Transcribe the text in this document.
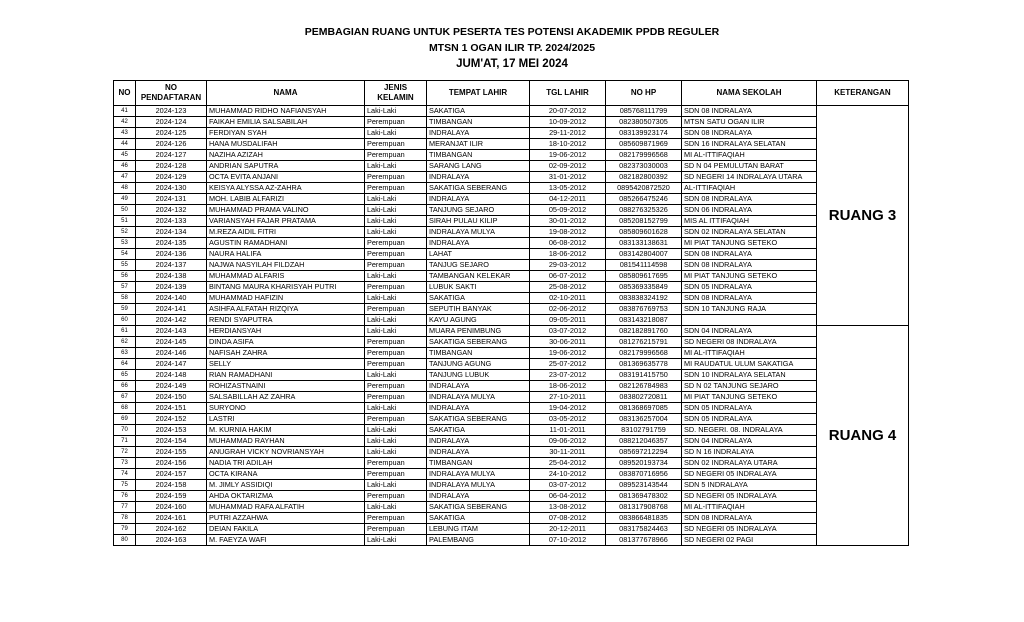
PEMBAGIAN RUANG UNTUK PESERTA TES POTENSI AKADEMIK PPDB REGULER
MTSN 1 OGAN ILIR TP. 2024/2025
JUM'AT, 17 MEI 2024
NO	NO PENDAFTARAN	NAMA	JENIS KELAMIN	TEMPAT LAHIR	TGL LAHIR	NO HP	NAMA SEKOLAH	KETERANGAN
41	2024-123	MUHAMMAD RIDHO NAFIANSYAH	Laki-Laki	SAKATIGA	20-07-2012	085768111799	SDN 08 INDRALAYA	RUANG 3
42	2024-124	FAIKAH EMILIA SALSABILAH	Perempuan	TIMBANGAN	10-09-2012	082380507305	MTSN SATU OGAN ILIR	
43	2024-125	FERDIYAN SYAH	Laki-Laki	INDRALAYA	29-11-2012	083139923174	SDN 08 INDRALAYA	
44	2024-126	HANA MUSDALIFAH	Perempuan	MERANJAT ILIR	18-10-2012	085609871969	SDN 16 INDRALAYA SELATAN	
45	2024-127	NAZIHA AZIZAH	Perempuan	TIMBANGAN	19-06-2012	082179996568	MI AL-ITTIFAQIAH	
46	2024-128	ANDRIAN SAPUTRA	Laki-Laki	SARANG LANG	02-09-2012	082373030003	SD N 04 PEMULUTAN BARAT	
47	2024-129	OCTA EVITA ANJANI	Perempuan	INDRALAYA	31-01-2012	082182800392	SD NEGERI 14 INDRALAYA UTARA	
48	2024-130	KEISYA ALYSSA AZ-ZAHRA	Perempuan	SAKATIGA SEBERANG	13-05-2012	0895420872520	AL-ITTIFAQIAH	
49	2024-131	MOH. LABIB ALFARIZI	Laki-Laki	INDRALAYA	04-12-2011	085266475246	SDN 08 INDRALAYA	
50	2024-132	MUHAMMAD PRAMA VALINO	Laki-Laki	TANJUNG SEJARO	05-09-2012	088276325326	SDN 06 INDRALAYA	
51	2024-133	VARIANSYAH FAJAR PRATAMA	Laki-Laki	SIRAH PULAU KILIP	30-01-2012	085208152799	MIS AL ITTIFAQIAH	
52	2024-134	M.REZA AIDIL FITRI	Laki-Laki	INDRALAYA MULYA	19-08-2012	085809601628	SDN 02 INDRALAYA SELATAN	
53	2024-135	AGUSTIN RAMADHANI	Perempuan	INDRALAYA	06-08-2012	083133138631	MI PIAT TANJUNG SETEKO	
54	2024-136	NAURA HALIFA	Perempuan	LAHAT	18-06-2012	083142804007	SDN 08 INDRALAYA	
55	2024-137	NAJWA NASYILAH FILDZAH	Perempuan	TANJUG SEJARO	29-03-2012	081541114598	SDN 08 INDRALAYA	
56	2024-138	MUHAMMAD ALFARIS	Laki-Laki	TAMBANGAN KELEKAR	06-07-2012	085809617695	MI PIAT TANJUNG SETEKO	
57	2024-139	BINTANG MAURA KHARISYAH PUTRI	Perempuan	LUBUK SAKTI	25-08-2012	085369335849	SDN 05 INDRALAYA	
58	2024-140	MUHAMMAD HAFIZIN	Laki-Laki	SAKATIGA	02-10-2011	083838324192	SDN 08 INDRALAYA	
59	2024-141	ASIHFA ALFATAH RIZQIYA	Perempuan	SEPUTIH BANYAK	02-06-2012	083876769753	SDN 10 TANJUNG RAJA	
60	2024-142	RENDI SYAPUTRA	Laki-Laki	KAYU AGUNG	09-05-2011	083143218087		
61	2024-143	HERDIANSYAH	Laki-Laki	MUARA PENIMBUNG	03-07-2012	082182891760	SDN 04 INDRALAYA	RUANG 4
62	2024-145	DINDA ASIFA	Perempuan	SAKATIGA SEBERANG	30-06-2011	081276215791	SD NEGERI 08 INDRALAYA	
63	2024-146	NAFISAH ZAHRA	Perempuan	TIMBANGAN	19-06-2012	082179996568	MI AL-ITTIFAQIAH	
64	2024-147	SELLY	Perempuan	TANJUNG AGUNG	25-07-2012	081369635778	MI RAUDATUL ULUM SAKATIGA	
65	2024-148	RIAN RAMADHANI	Laki-Laki	TANJUNG LUBUK	23-07-2012	083191415750	SDN 10 INDRALAYA SELATAN	
66	2024-149	ROHIZASTNAINI	Perempuan	INDRALAYA	18-06-2012	082126784983	SD N 02 TANJUNG SEJARO	
67	2024-150	SALSABILLAH AZ ZAHRA	Perempuan	INDRALAYA MULYA	27-10-2011	083802720811	MI PIAT TANJUNG SETEKO	
68	2024-151	SURYONO	Laki-Laki	INDRALAYA	19-04-2012	081368697085	SDN 05 INDRALAYA	
69	2024-152	LASTRI	Perempuan	SAKATIGA SEBERANG	03-05-2012	083136257004	SDN 05 INDRALAYA	
70	2024-153	M. KURNIA HAKIM	Laki-Laki	SAKATIGA	11-01-2011	83102791759	SD. NEGERI. 08. INDRALAYA	
71	2024-154	MUHAMMAD RAYHAN	Laki-Laki	INDRALAYA	09-06-2012	088212046357	SDN 04 INDRALAYA	
72	2024-155	ANUGRAH VICKY NOVRIANSYAH	Laki-Laki	INDRALAYA	30-11-2011	085697212294	SD N 16 INDRALAYA	
73	2024-156	NADIA TRI ADILAH	Perempuan	TIMBANGAN	25-04-2012	089520193734	SDN 02 INDRALAYA UTARA	
74	2024-157	OCTA KIRANA	Perempuan	INDRALAYA MULYA	24-10-2012	083870716956	SD NEGERI 05 INDRALAYA	
75	2024-158	M. JIMLY ASSIDIQI	Laki-Laki	INDRALAYA MULYA	03-07-2012	089523143544	SDN 5 INDRALAYA	
76	2024-159	AHDA OKTARIZMA	Perempuan	INDRALAYA	06-04-2012	081369478302	SD NEGERI 05 INDRALAYA	
77	2024-160	MUHAMMAD RAFA ALFATIH	Laki-Laki	SAKATIGA SEBERANG	13-08-2012	081317908768	MI AL-ITTIFAQIAH	
78	2024-161	PUTRI AZZAHWA	Perempuan	SAKATIGA	07-08-2012	083866481835	SDN 08 INDRALAYA	
79	2024-162	DEIAN FAKILA	Perempuan	LEBUNG ITAM	20-12-2011	083175824463	SD NEGERI 05 INDRALAYA	
80	2024-163	M. FAEYZA WAFI	Laki-Laki	PALEMBANG	07-10-2012	081377678966	SD NEGERI 02 PAGI	
